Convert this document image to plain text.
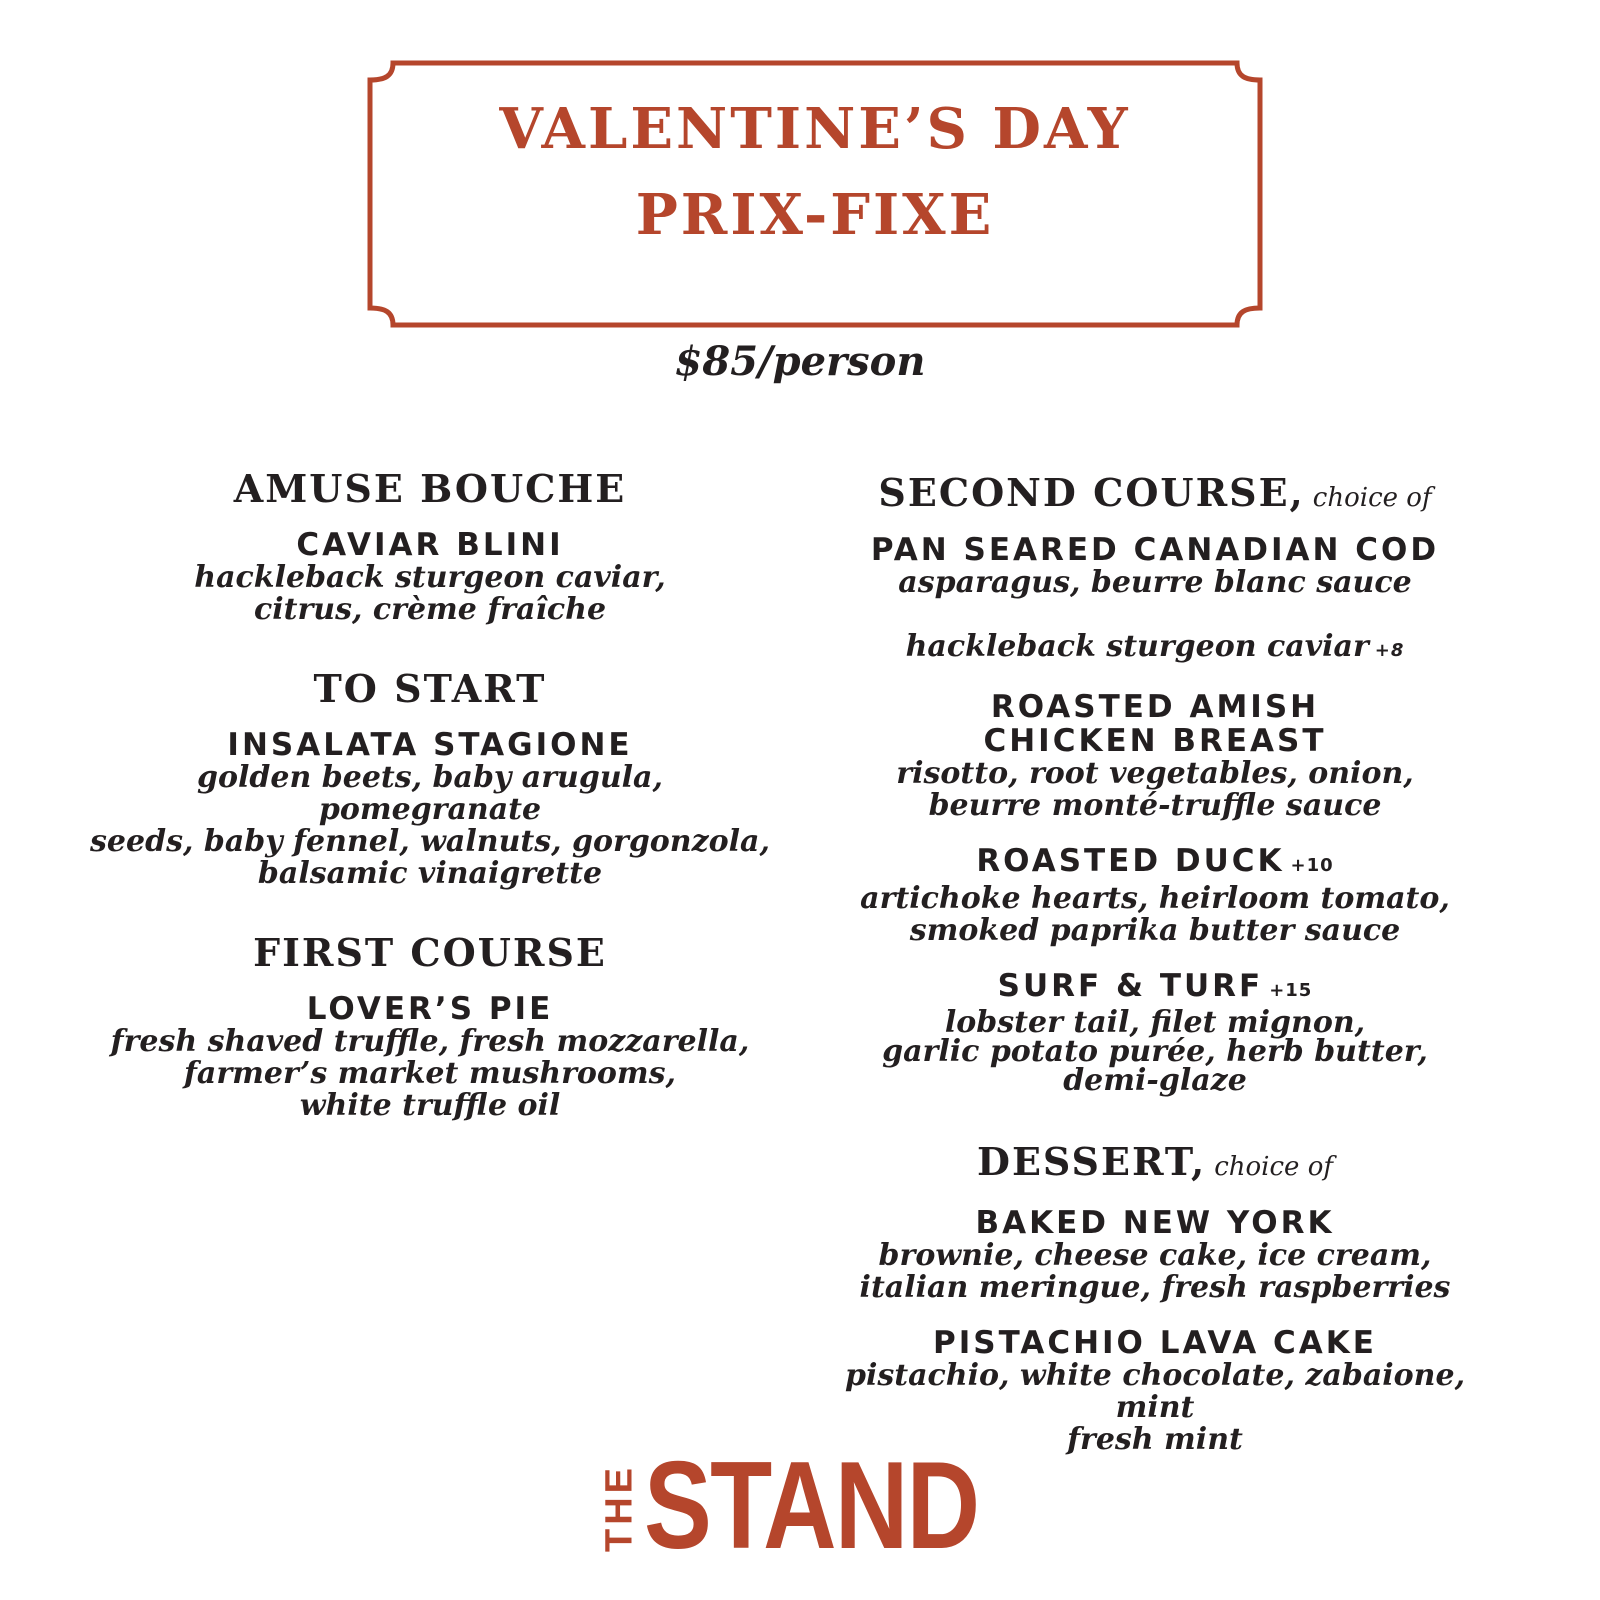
VALENTINE’S DAY
PRIX-FIXE
$85/person
AMUSE BOUCHE
CAVIAR BLINI
hackleback sturgeon caviar,
citrus, crème fraîche
TO START
INSALATA STAGIONE
golden beets, baby arugula, pomegranate
seeds, baby fennel, walnuts, gorgonzola,
balsamic vinaigrette
FIRST COURSE
LOVER’S PIE
fresh shaved truffle, fresh mozzarella,
farmer’s market mushrooms,
white truffle oil
SECOND COURSE, choice of
PAN SEARED CANADIAN COD
asparagus, beurre blanc sauce

hackleback sturgeon caviar +8

ROASTED AMISH
CHICKEN BREAST
risotto, root vegetables, onion,
beurre monté-truffle sauce
ROASTED DUCK +10
artichoke hearts, heirloom tomato,
smoked paprika butter sauce
SURF & TURF +15
lobster tail, filet mignon,
garlic potato purée, herb butter,
demi-glaze
DESSERT, choice of
BAKED NEW YORK
brownie, cheese cake, ice cream,
italian meringue, fresh raspberries
PISTACHIO LAVA CAKE
pistachio, white chocolate, zabaione, mint
fresh mint
THE STAND
